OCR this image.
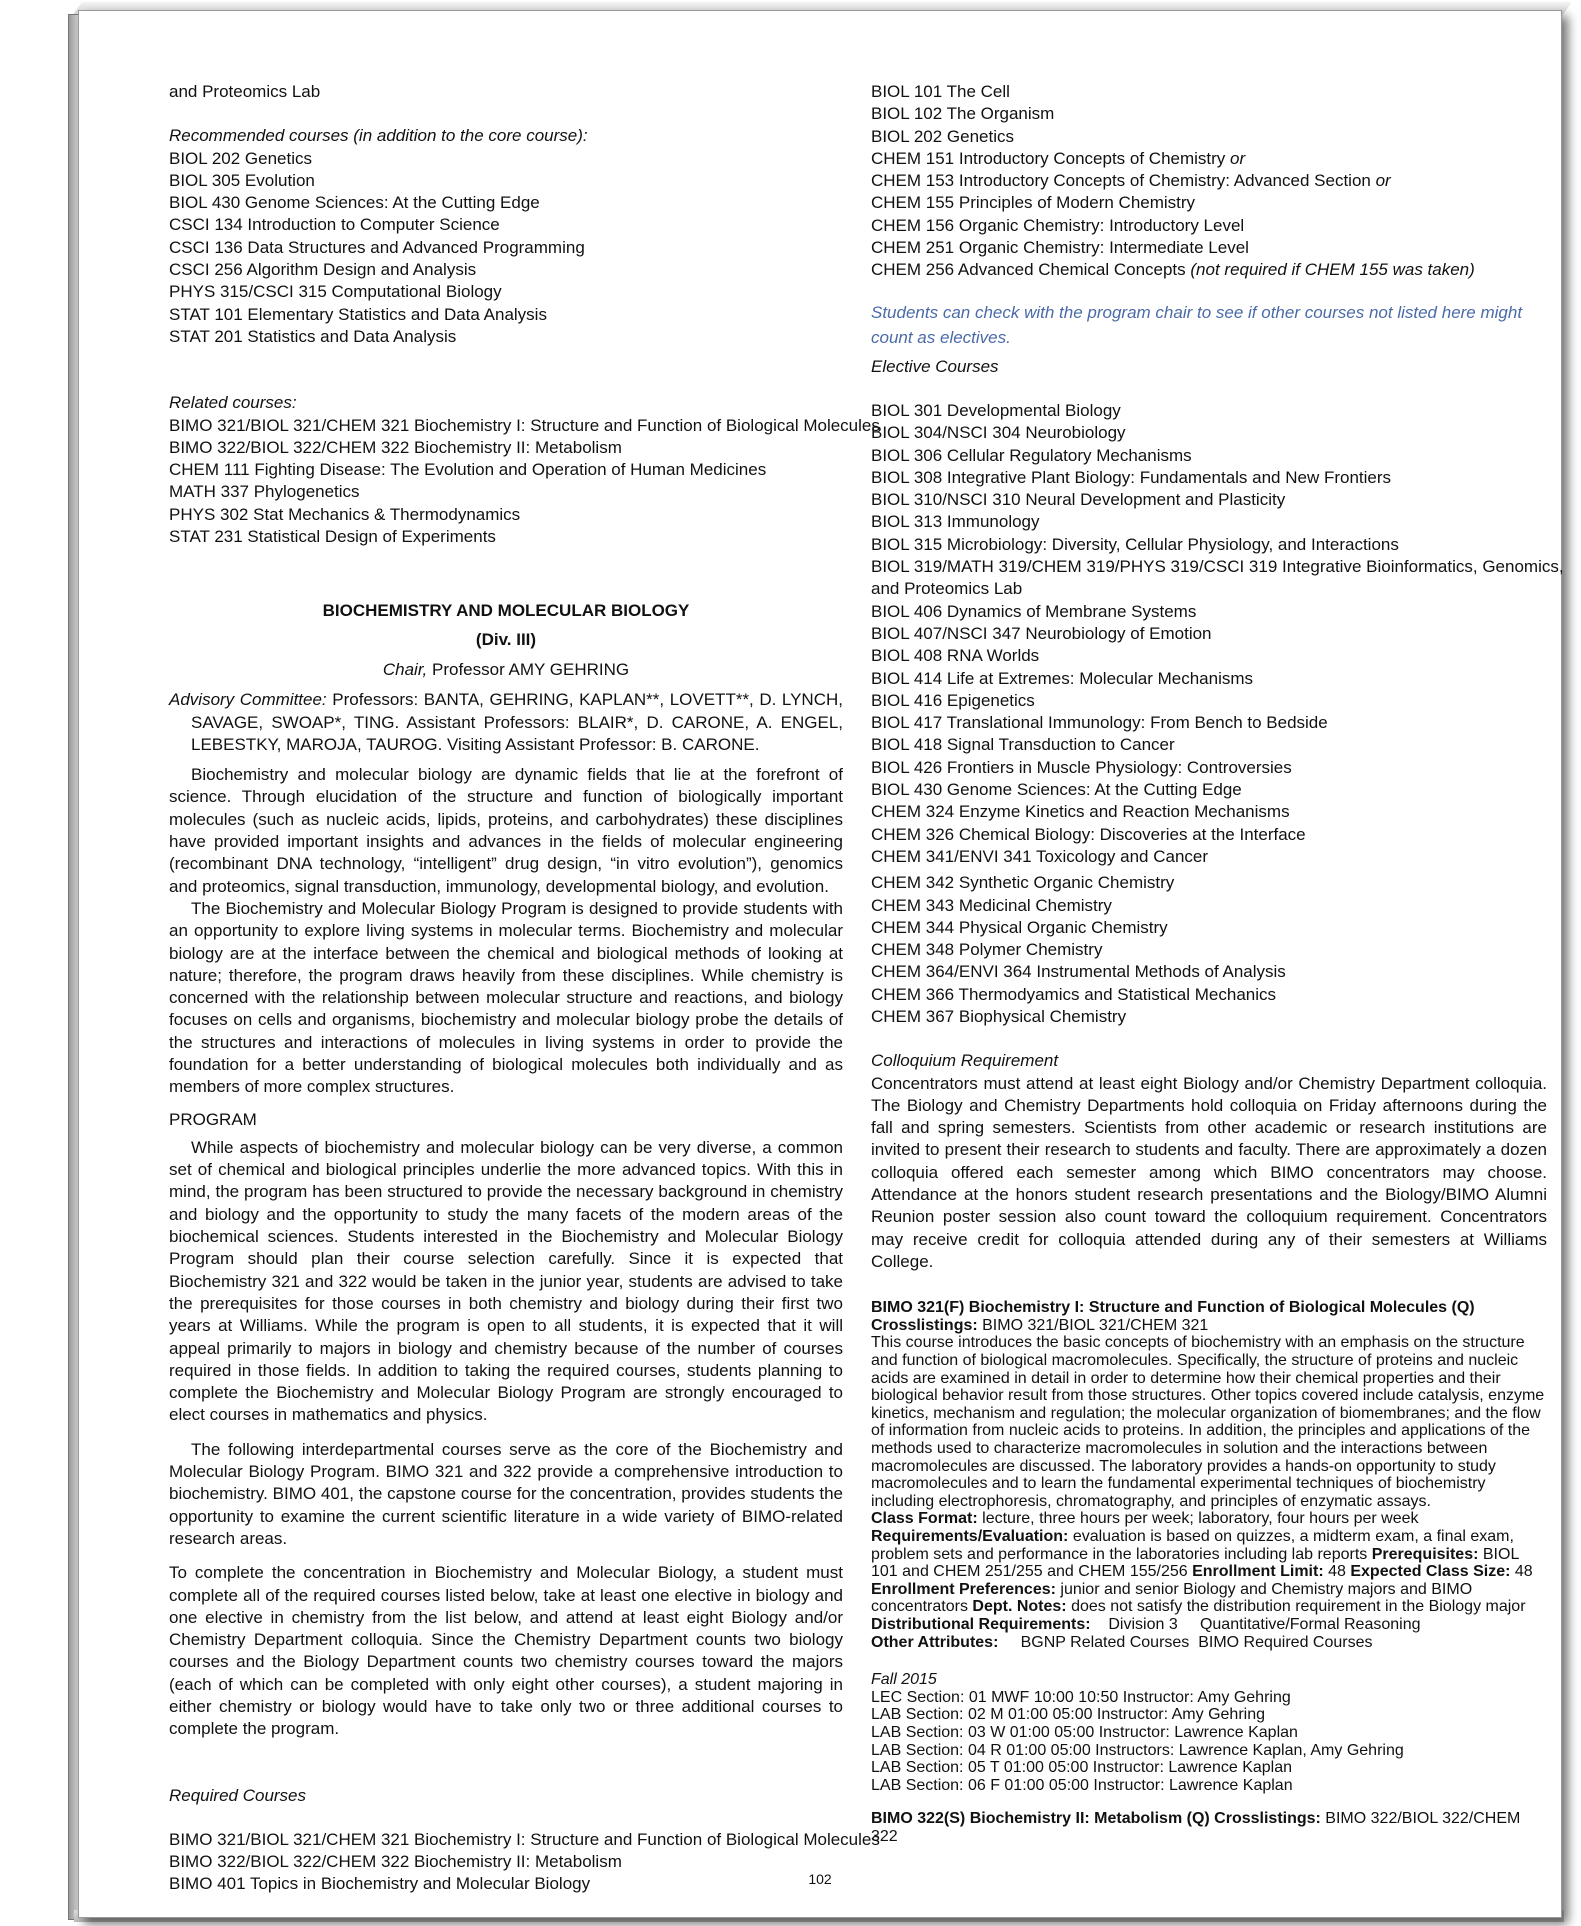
and Proteomics Lab
Recommended courses (in addition to the core course):
BIOL 202 Genetics
BIOL 305 Evolution
BIOL 430 Genome Sciences: At the Cutting Edge
CSCI 134 Introduction to Computer Science
CSCI 136 Data Structures and Advanced Programming
CSCI 256 Algorithm Design and Analysis
PHYS 315/CSCI 315 Computational Biology
STAT 101 Elementary Statistics and Data Analysis
STAT 201 Statistics and Data Analysis
Related courses:
BIMO 321/BIOL 321/CHEM 321 Biochemistry I: Structure and Function of Biological Molecules
BIMO 322/BIOL 322/CHEM 322 Biochemistry II: Metabolism
CHEM 111 Fighting Disease: The Evolution and Operation of Human Medicines
MATH 337 Phylogenetics
PHYS 302 Stat Mechanics & Thermodynamics
STAT 231 Statistical Design of Experiments
BIOCHEMISTRY AND MOLECULAR BIOLOGY
(Div. III)
Chair, Professor AMY GEHRING
Advisory Committee: Professors: BANTA, GEHRING, KAPLAN**, LOVETT**, D. LYNCH, SAVAGE, SWOAP*, TING. Assistant Professors: BLAIR*, D. CARONE, A. ENGEL, LEBESTKY, MAROJA, TAUROG. Visiting Assistant Professor: B. CARONE.
Biochemistry and molecular biology are dynamic fields that lie at the forefront of science. Through elucidation of the structure and function of biologically important molecules (such as nucleic acids, lipids, proteins, and carbohydrates) these disciplines have provided important insights and advances in the fields of molecular engineering (recombinant DNA technology, “intelligent” drug design, “in vitro evolution”), genomics and proteomics, signal transduction, immunology, developmental biology, and evolution.
The Biochemistry and Molecular Biology Program is designed to provide students with an opportunity to explore living systems in molecular terms. Biochemistry and molecular biology are at the interface between the chemical and biological methods of looking at nature; therefore, the program draws heavily from these disciplines. While chemistry is concerned with the relationship between molecular structure and reactions, and biology focuses on cells and organisms, biochemistry and molecular biology probe the details of the structures and interactions of molecules in living systems in order to provide the foundation for a better understanding of biological molecules both individually and as members of more complex structures.
PROGRAM
While aspects of biochemistry and molecular biology can be very diverse, a common set of chemical and biological principles underlie the more advanced topics. With this in mind, the program has been structured to provide the necessary background in chemistry and biology and the opportunity to study the many facets of the modern areas of the biochemical sciences. Students interested in the Biochemistry and Molecular Biology Program should plan their course selection carefully. Since it is expected that Biochemistry 321 and 322 would be taken in the junior year, students are advised to take the prerequisites for those courses in both chemistry and biology during their first two years at Williams. While the program is open to all students, it is expected that it will appeal primarily to majors in biology and chemistry because of the number of courses required in those fields. In addition to taking the required courses, students planning to complete the Biochemistry and Molecular Biology Program are strongly encouraged to elect courses in mathematics and physics.
The following interdepartmental courses serve as the core of the Biochemistry and Molecular Biology Program. BIMO 321 and 322 provide a comprehensive introduction to biochemistry. BIMO 401, the capstone course for the concentration, provides students the opportunity to examine the current scientific literature in a wide variety of BIMO-related research areas.
To complete the concentration in Biochemistry and Molecular Biology, a student must complete all of the required courses listed below, take at least one elective in biology and one elective in chemistry from the list below, and attend at least eight Biology and/or Chemistry Department colloquia. Since the Chemistry Department counts two biology courses and the Biology Department counts two chemistry courses toward the majors (each of which can be completed with only eight other courses), a student majoring in either chemistry or biology would have to take only two or three additional courses to complete the program.
Required Courses
BIMO 321/BIOL 321/CHEM 321 Biochemistry I: Structure and Function of Biological Molecules
BIMO 322/BIOL 322/CHEM 322 Biochemistry II: Metabolism
BIMO 401 Topics in Biochemistry and Molecular Biology
BIOL 101 The Cell
BIOL 102 The Organism
BIOL 202 Genetics
CHEM 151 Introductory Concepts of Chemistry or
CHEM 153 Introductory Concepts of Chemistry: Advanced Section or
CHEM 155 Principles of Modern Chemistry
CHEM 156 Organic Chemistry: Introductory Level
CHEM 251 Organic Chemistry: Intermediate Level
CHEM 256 Advanced Chemical Concepts (not required if CHEM 155 was taken)
Students can check with the program chair to see if other courses not listed here might count as electives.
Elective Courses
BIOL 301 Developmental Biology
BIOL 304/NSCI 304 Neurobiology
BIOL 306 Cellular Regulatory Mechanisms
BIOL 308 Integrative Plant Biology: Fundamentals and New Frontiers
BIOL 310/NSCI 310 Neural Development and Plasticity
BIOL 313 Immunology
BIOL 315 Microbiology: Diversity, Cellular Physiology, and Interactions
BIOL 319/MATH 319/CHEM 319/PHYS 319/CSCI 319 Integrative Bioinformatics, Genomics,
and Proteomics Lab
BIOL 406 Dynamics of Membrane Systems
BIOL 407/NSCI 347 Neurobiology of Emotion
BIOL 408 RNA Worlds
BIOL 414 Life at Extremes: Molecular Mechanisms
BIOL 416 Epigenetics
BIOL 417 Translational Immunology: From Bench to Bedside
BIOL 418 Signal Transduction to Cancer
BIOL 426 Frontiers in Muscle Physiology: Controversies
BIOL 430 Genome Sciences: At the Cutting Edge
CHEM 324 Enzyme Kinetics and Reaction Mechanisms
CHEM 326 Chemical Biology: Discoveries at the Interface
CHEM 341/ENVI 341 Toxicology and Cancer
CHEM 342 Synthetic Organic Chemistry
CHEM 343 Medicinal Chemistry
CHEM 344 Physical Organic Chemistry
CHEM 348 Polymer Chemistry
CHEM 364/ENVI 364 Instrumental Methods of Analysis
CHEM 366 Thermodyamics and Statistical Mechanics
CHEM 367 Biophysical Chemistry
Colloquium Requirement
Concentrators must attend at least eight Biology and/or Chemistry Department colloquia. The Biology and Chemistry Departments hold colloquia on Friday afternoons during the fall and spring semesters. Scientists from other academic or research institutions are invited to present their research to students and faculty. There are approximately a dozen colloquia offered each semester among which BIMO concentrators may choose. Attendance at the honors student research presentations and the Biology/BIMO Alumni Reunion poster session also count toward the colloquium requirement. Concentrators may receive credit for colloquia attended during any of their semesters at Williams College.
BIMO 321(F) Biochemistry I: Structure and Function of Biological Molecules (Q)
Crosslistings: BIMO 321/BIOL 321/CHEM 321
This course introduces the basic concepts of biochemistry with an emphasis on the structure and function of biological macromolecules. Specifically, the structure of proteins and nucleic acids are examined in detail in order to determine how their chemical properties and their biological behavior result from those structures. Other topics covered include catalysis, enzyme kinetics, mechanism and regulation; the molecular organization of biomembranes; and the flow of information from nucleic acids to proteins. In addition, the principles and applications of the methods used to characterize macromolecules in solution and the interactions between macromolecules are discussed. The laboratory provides a hands-on opportunity to study macromolecules and to learn the fundamental experimental techniques of biochemistry including electrophoresis, chromatography, and principles of enzymatic assays.
Class Format: lecture, three hours per week; laboratory, four hours per week
Requirements/Evaluation: evaluation is based on quizzes, a midterm exam, a final exam, problem sets and performance in the laboratories including lab reports Prerequisites: BIOL 101 and CHEM 251/255 and CHEM 155/256 Enrollment Limit: 48 Expected Class Size: 48
Enrollment Preferences: junior and senior Biology and Chemistry majors and BIMO concentrators Dept. Notes: does not satisfy the distribution requirement in the Biology major
Distributional Requirements:    Division 3     Quantitative/Formal Reasoning
Other Attributes:     BGNP Related Courses  BIMO Required Courses
Fall 2015
LEC Section: 01 MWF 10:00 10:50 Instructor: Amy Gehring
LAB Section: 02 M 01:00 05:00 Instructor: Amy Gehring
LAB Section: 03 W 01:00 05:00 Instructor: Lawrence Kaplan
LAB Section: 04 R 01:00 05:00 Instructors: Lawrence Kaplan, Amy Gehring
LAB Section: 05 T 01:00 05:00 Instructor: Lawrence Kaplan
LAB Section: 06 F 01:00 05:00 Instructor: Lawrence Kaplan
BIMO 322(S) Biochemistry II: Metabolism (Q) Crosslistings: BIMO 322/BIOL 322/CHEM 322
102
